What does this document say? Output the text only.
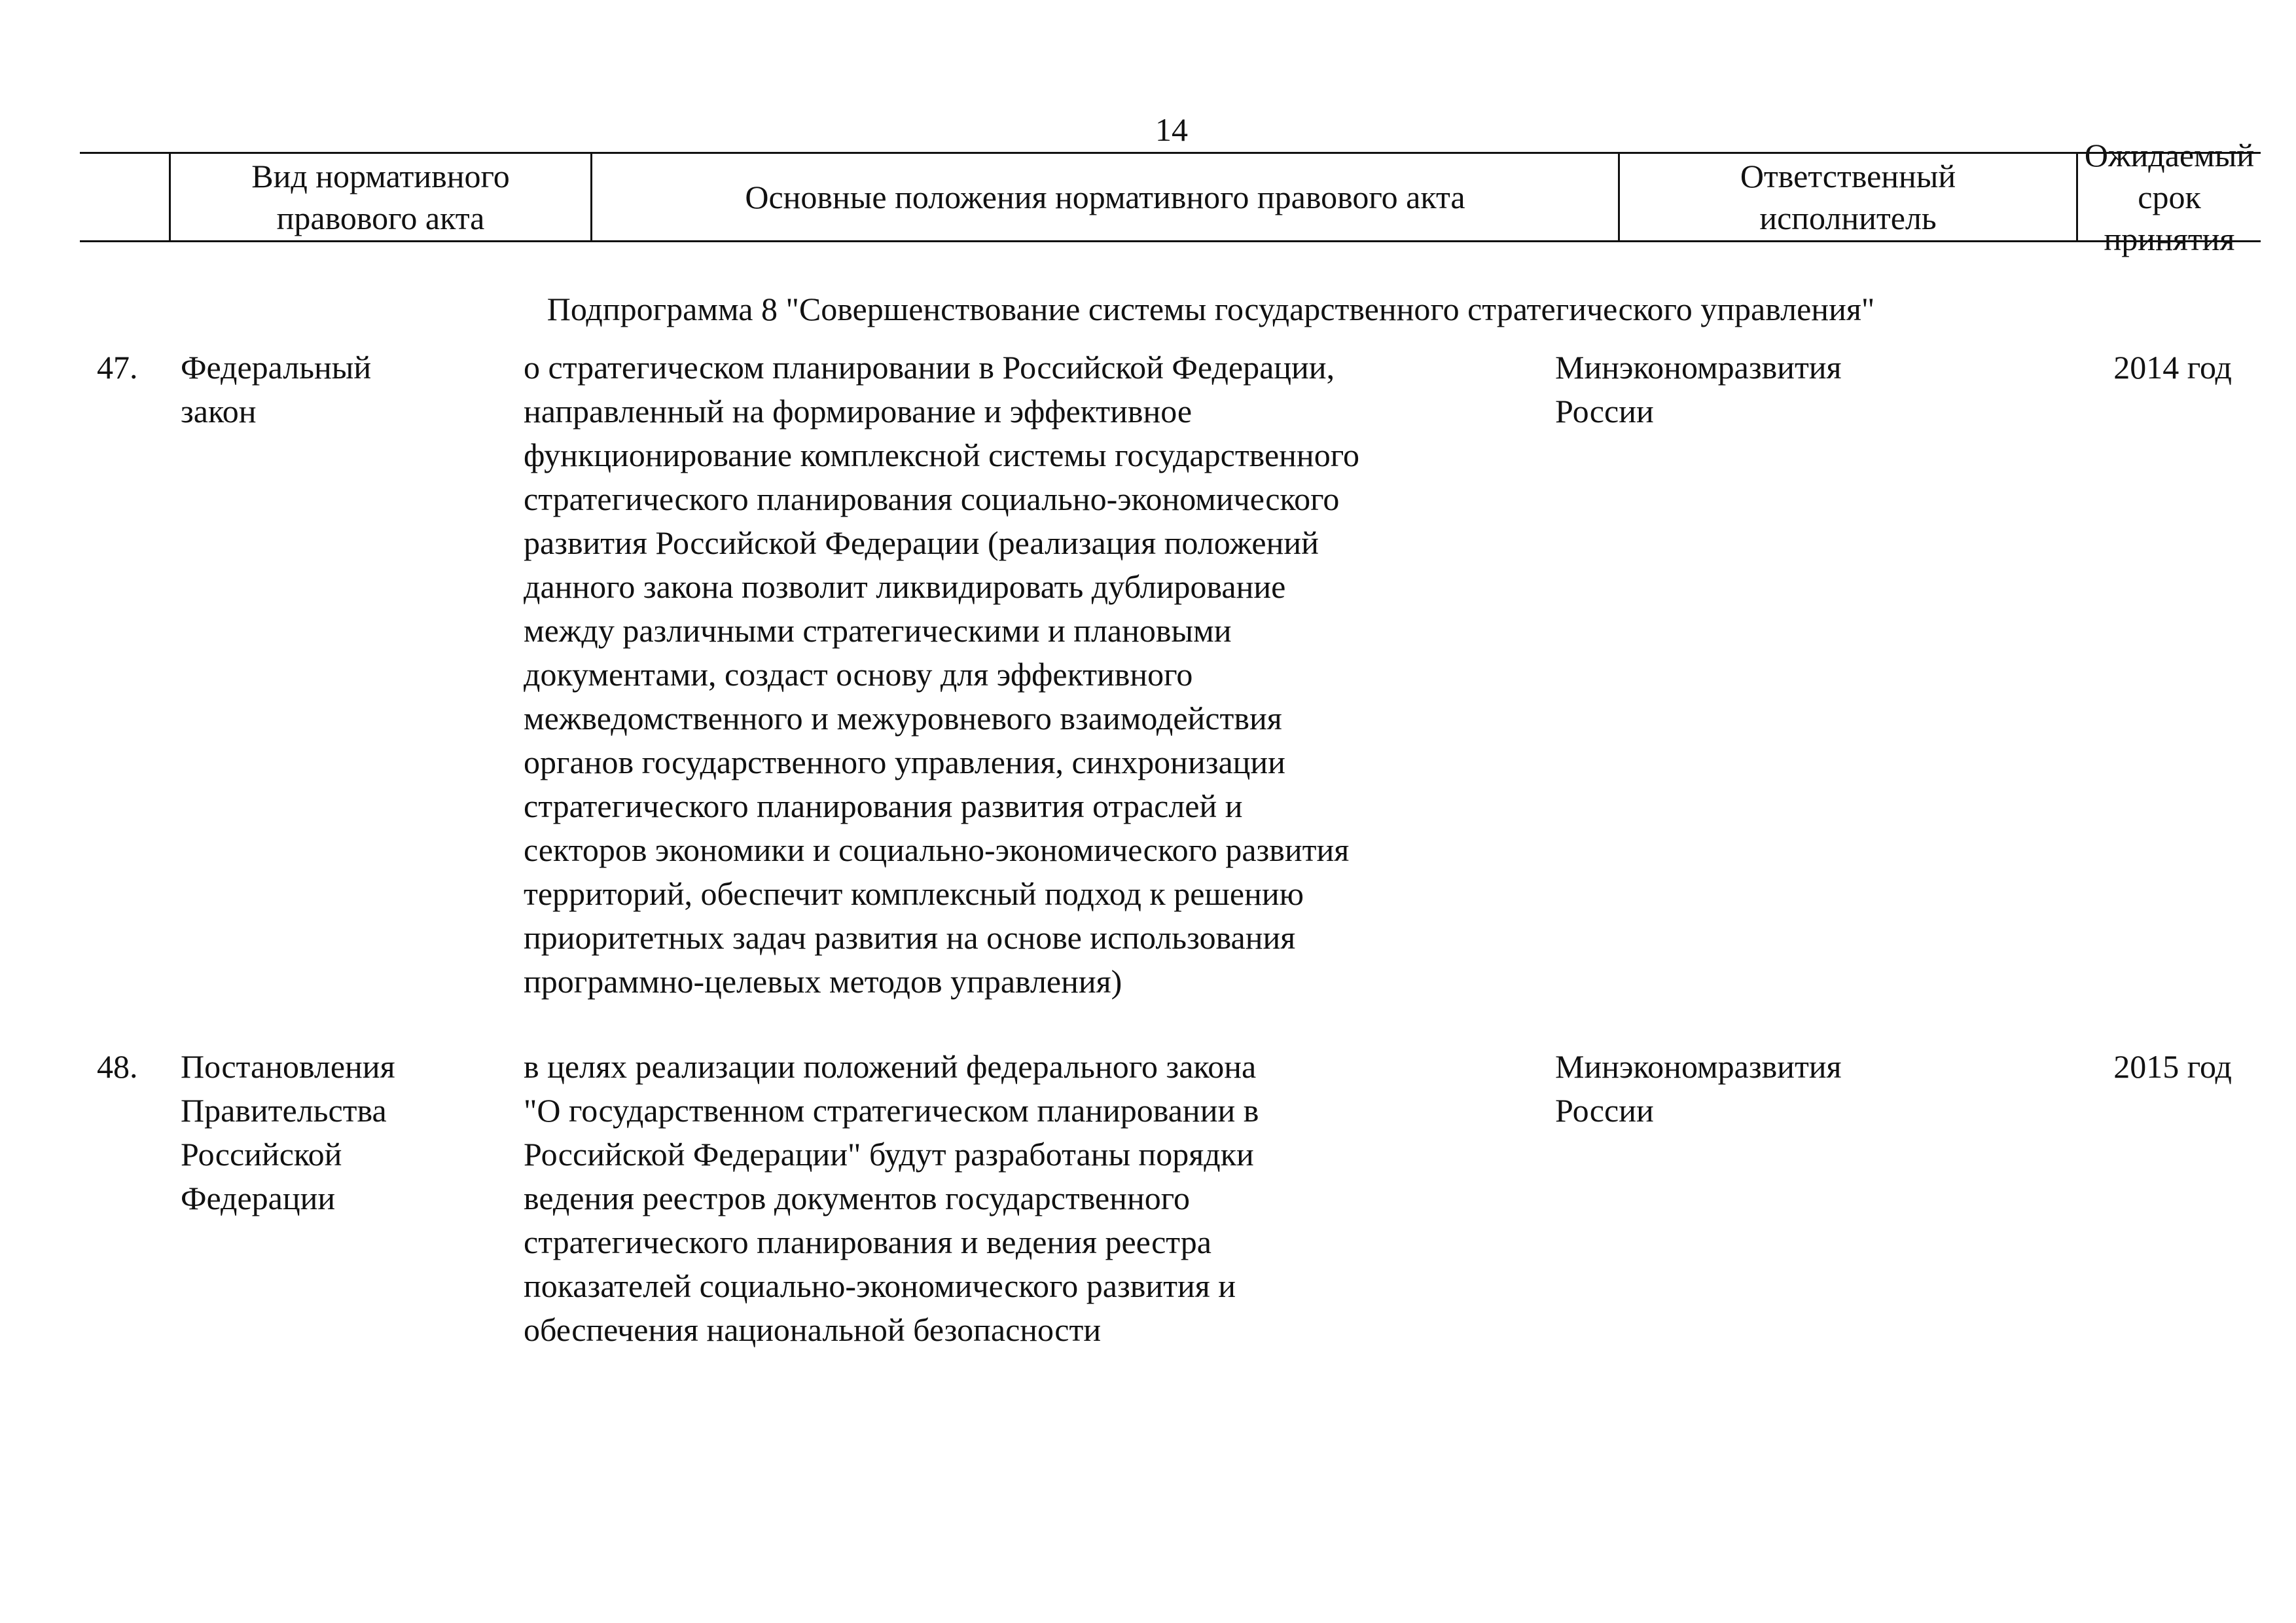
14
Вид нормативного
правового акта
Основные положения нормативного правового акта
Ответственный
исполнитель
Ожидаемый
срок принятия
Подпрограмма 8 "Совершенствование системы государственного стратегического управления"
47.	Федеральный
закон
о стратегическом планировании в Российской Федерации,
направленный на формирование и эффективное
функционирование комплексной системы государственного
стратегического планирования социально-экономического
развития Российской Федерации (реализация положений
данного закона позволит ликвидировать дублирование
между различными стратегическими и плановыми
документами, создаст основу для эффективного
межведомственного и межуровневого взаимодействия
органов государственного управления, синхронизации
стратегического планирования развития отраслей и
секторов экономики и социально-экономического развития
территорий, обеспечит комплексный подход к решению
приоритетных задач развития на основе использования
программно-целевых методов управления)
Минэкономразвития
России
2014 год
48.	Постановления
Правительства
Российской
Федерации
в целях реализации положений федерального закона
"О государственном стратегическом планировании в
Российской Федерации" будут разработаны порядки
ведения реестров документов государственного
стратегического планирования и ведения реестра
показателей социально-экономического развития и
обеспечения национальной безопасности
Минэкономразвития
России
2015 год
